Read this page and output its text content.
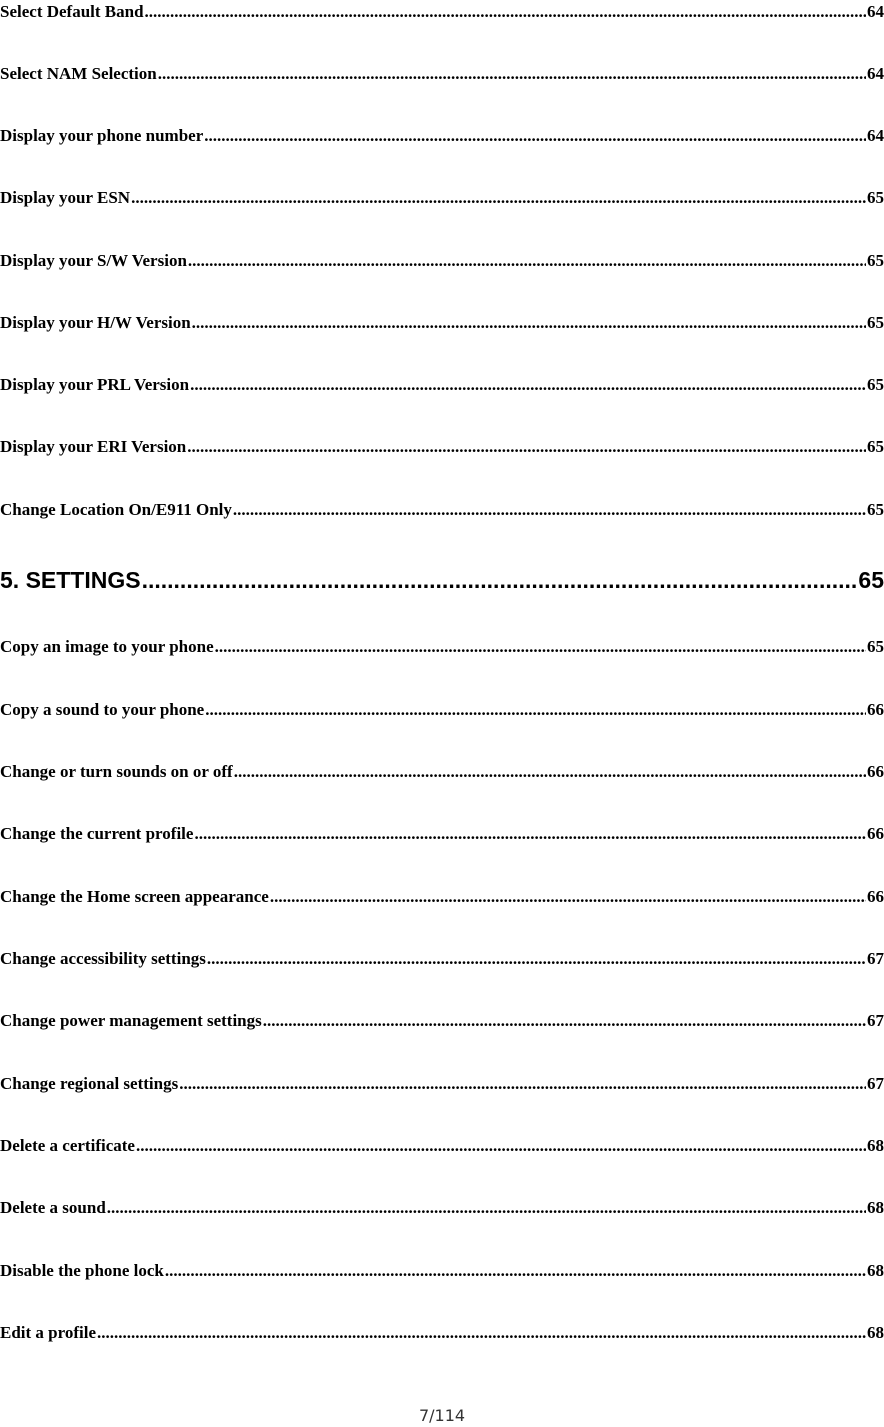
Select Default Band .....	64
Select NAM Selection .....	64
Display your phone number .....	64
Display your ESN .....	65
Display your S/W Version .....	65
Display your H/W Version .....	65
Display your PRL Version .....	65
Display your ERI Version .....	65
Change Location On/E911 Only .....	65
5. SETTINGS .....	65
Copy an image to your phone .....	65
Copy a sound to your phone .....	66
Change or turn sounds on or off .....	66
Change the current profile .....	66
Change the Home screen appearance .....	66
Change accessibility settings .....	67
Change power management settings .....	67
Change regional settings .....	67
Delete a certificate .....	68
Delete a sound .....	68
Disable the phone lock .....	68
Edit a profile .....	68
7/114
